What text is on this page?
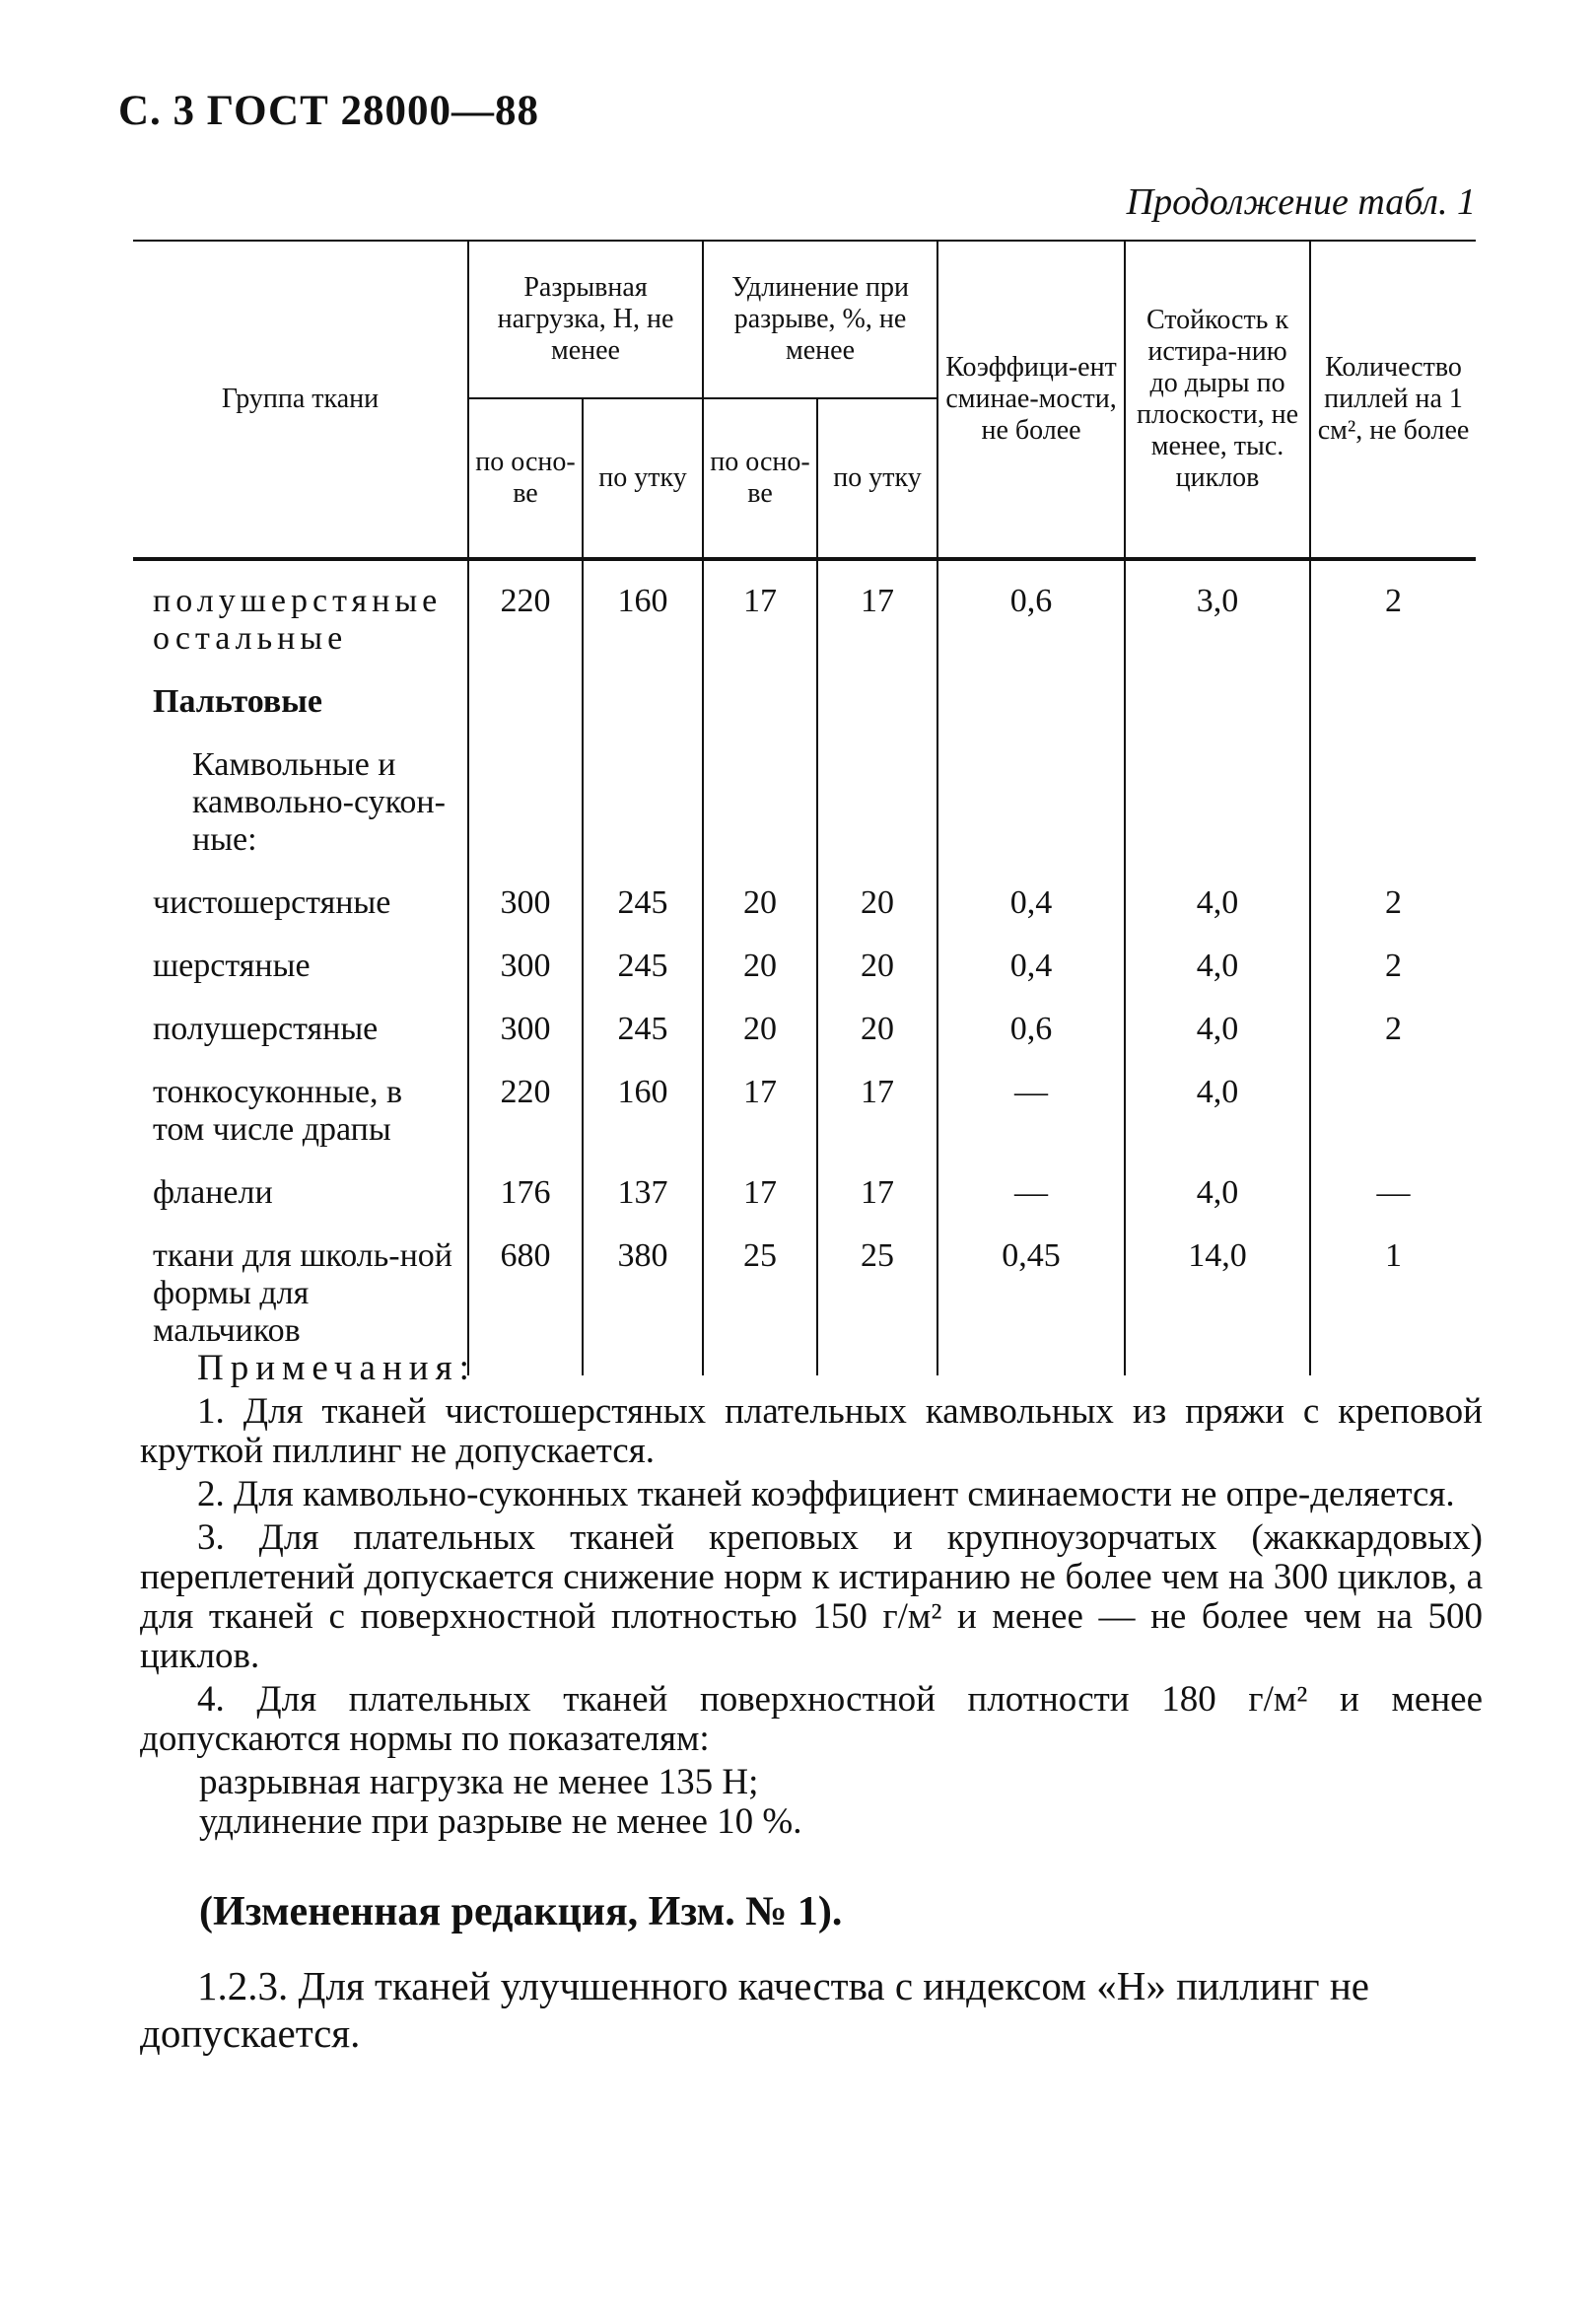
С. 3 ГОСТ 28000—88
Продолжение табл. 1
Группа ткани	Разрывная нагрузка, Н, не менее		Удлинение при разрыве, %, не менее		Коэффици-ент сминае-мости, не более	Стойкость к истира-нию до дыры по плоскости, не менее, тыс. циклов	Количество пиллей на 1 см², не более
	по осно-ве	по утку	по осно-ве	по утку			
полушерстяные остальные	220	160	17	17	0,6	3,0	2
Пальтовые							
Камвольные и камвольно-сукон-ные:							
чистошерстяные	300	245	20	20	0,4	4,0	2
шерстяные	300	245	20	20	0,4	4,0	2
полушерстяные	300	245	20	20	0,6	4,0	2
тонкосуконные, в том числе драпы	220	160	17	17	—	4,0	
фланели	176	137	17	17	—	4,0	—
ткани для школь-ной формы для мальчиков	680	380	25	25	0,45	14,0	1
Примечания:

1. Для тканей чистошерстяных плательных камвольных из пряжи с креповой круткой пиллинг не допускается.

2. Для камвольно-суконных тканей коэффициент сминаемости не опре-деляется.

3. Для плательных тканей креповых и крупноузорчатых (жаккардовых) переплетений допускается снижение норм к истиранию не более чем на 300 циклов, а для тканей с поверхностной плотностью 150 г/м² и менее — не более чем на 500 циклов.

4. Для плательных тканей поверхностной плотности 180 г/м² и менее допускаются нормы по показателям:

разрывная нагрузка не менее 135 Н;

удлинение при разрыве не менее 10 %.

(Измененная редакция, Изм. № 1).

1.2.3. Для тканей улучшенного качества с индексом «Н» пиллинг не допускается.
